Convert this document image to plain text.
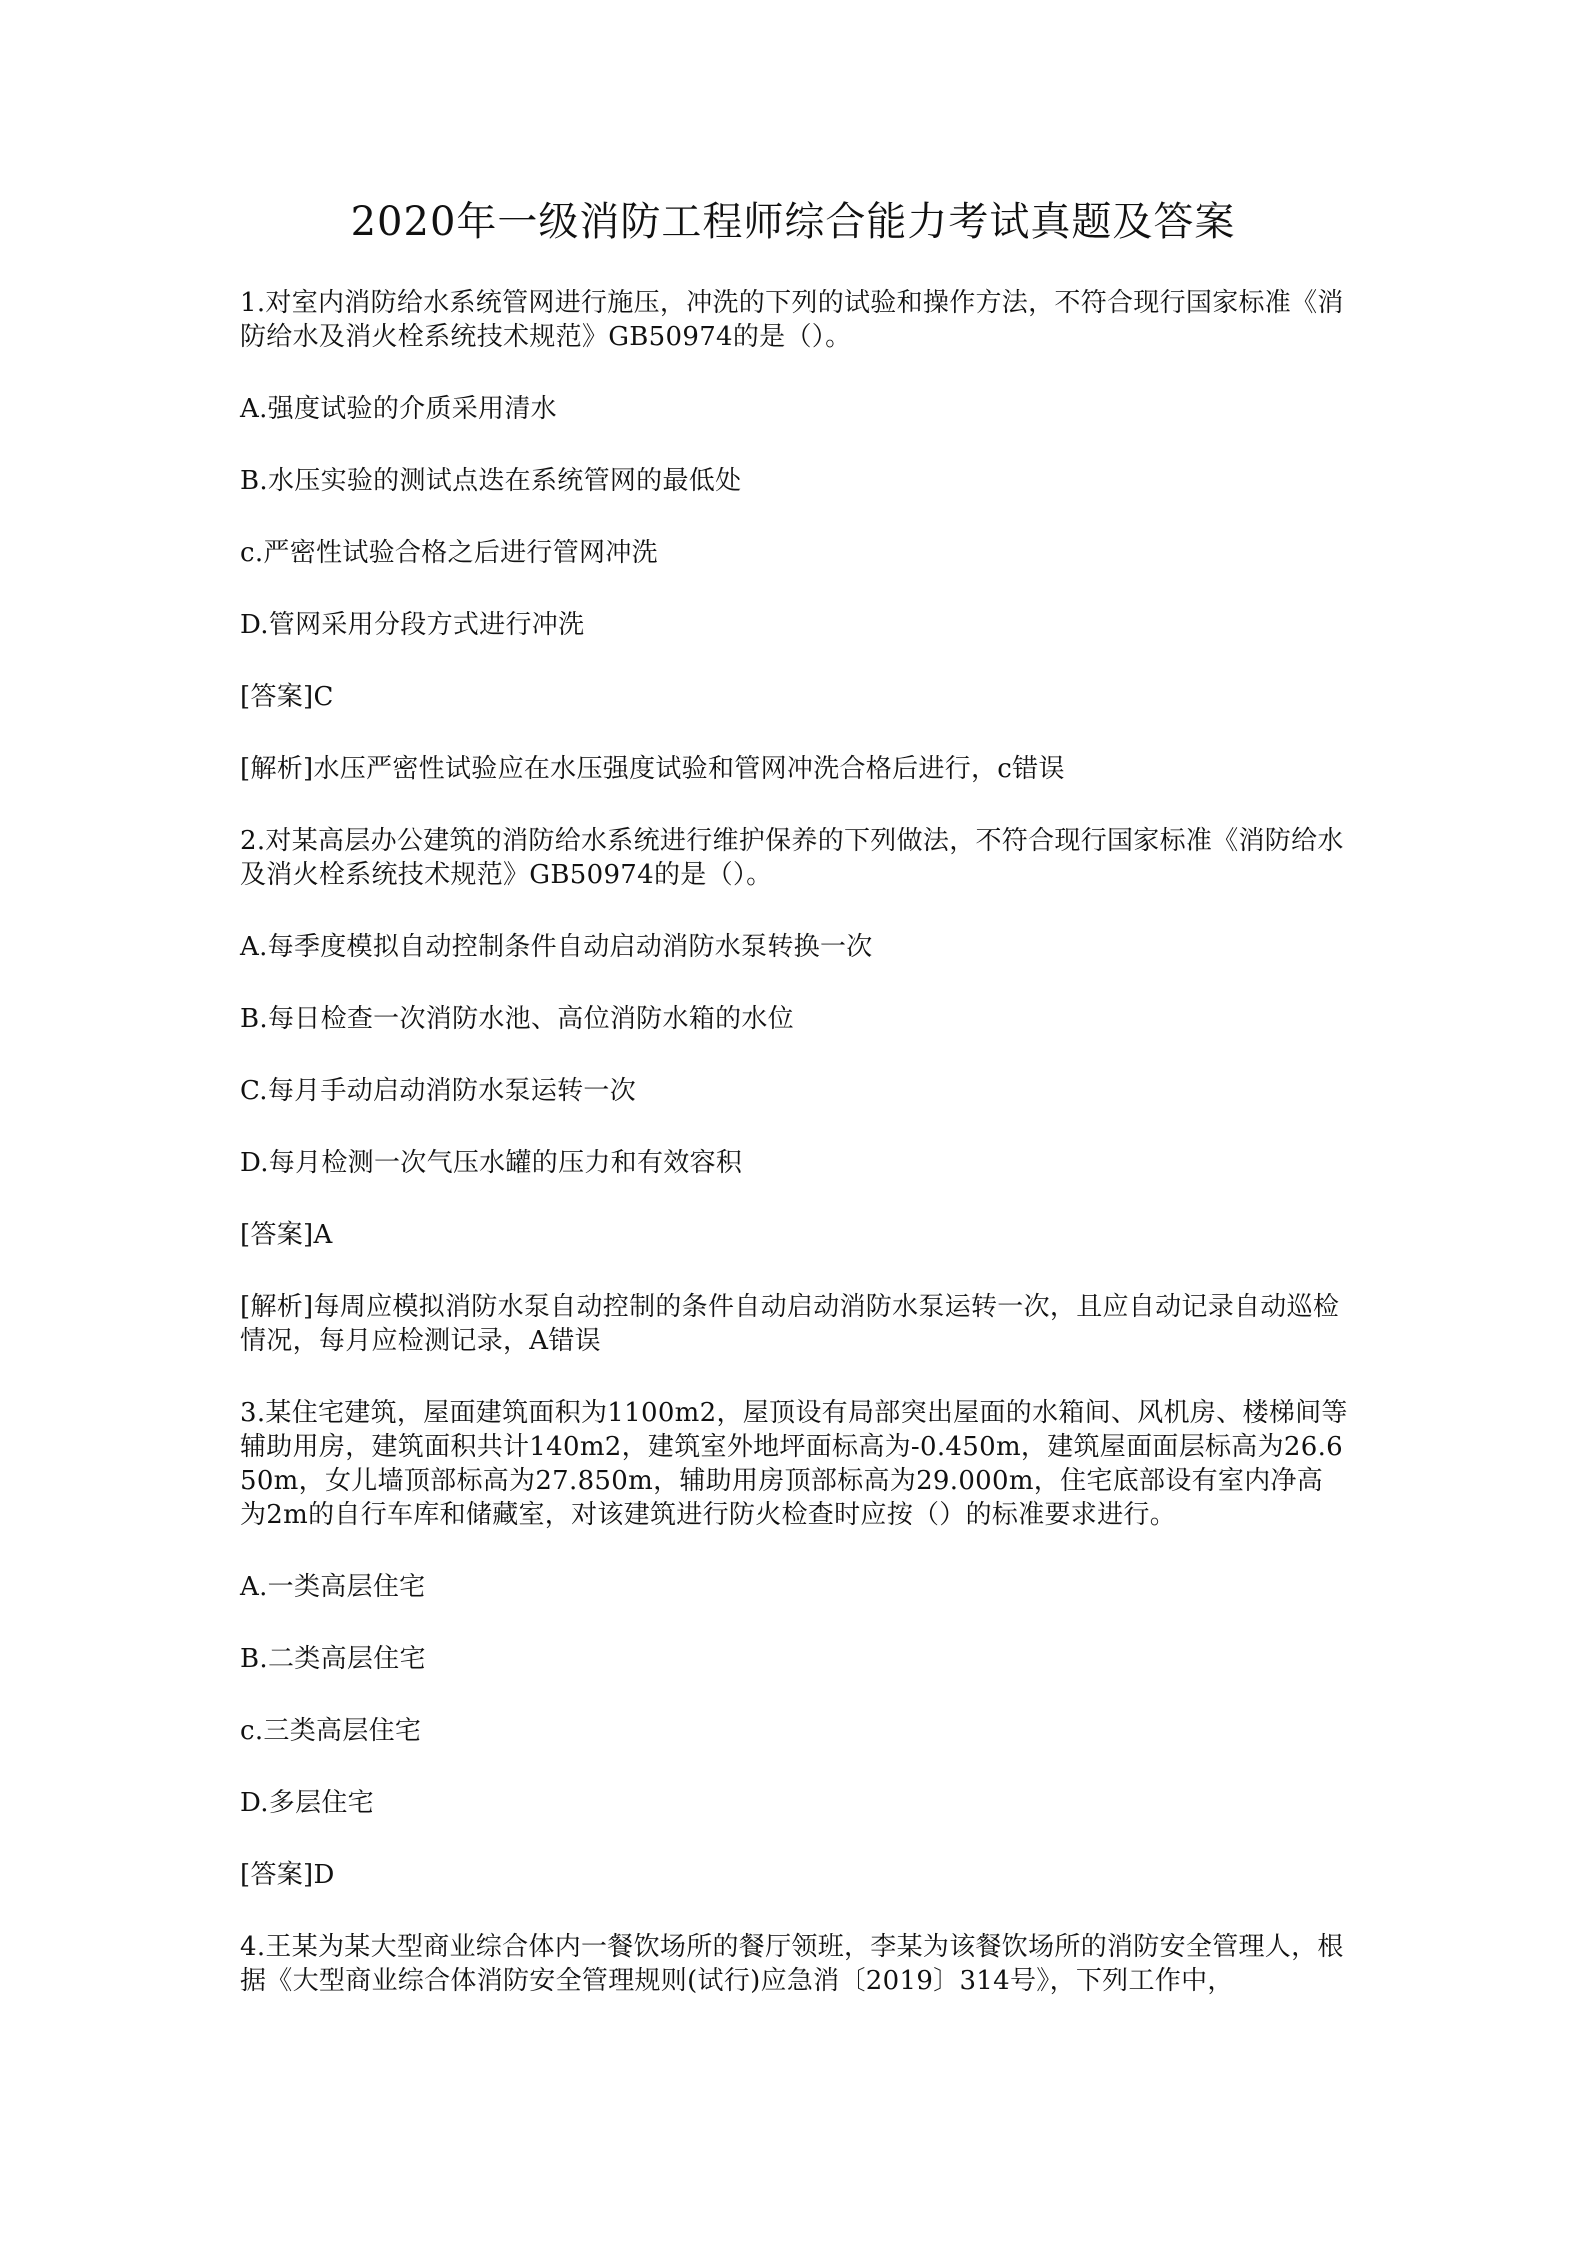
2020年一级消防工程师综合能力考试真题及答案

1.对室内消防给水系统管网进行施压，冲洗的下列的试验和操作方法，不符合现行国家标准《消防给水及消火栓系统技术规范》GB50974的是（）。

A.强度试验的介质采用清水

B.水压实验的测试点迭在系统管网的最低处

c.严密性试验合格之后进行管网冲洗

D.管网采用分段方式进行冲洗

[答案]C

[解析]水压严密性试验应在水压强度试验和管网冲洗合格后进行，c错误

2.对某高层办公建筑的消防给水系统进行维护保养的下列做法，不符合现行国家标准《消防给水及消火栓系统技术规范》GB50974的是（）。

A.每季度模拟自动控制条件自动启动消防水泵转换一次

B.每日检查一次消防水池、高位消防水箱的水位

C.每月手动启动消防水泵运转一次

D.每月检测一次气压水罐的压力和有效容积

[答案]A

[解析]每周应模拟消防水泵自动控制的条件自动启动消防水泵运转一次，且应自动记录自动巡检情况，每月应检测记录，A错误

3.某住宅建筑，屋面建筑面积为1100m2，屋顶设有局部突出屋面的水箱间、风机房、楼梯间等辅助用房，建筑面积共计140m2，建筑室外地坪面标高为-0.450m，建筑屋面面层标高为26.650m，女儿墙顶部标高为27.850m，辅助用房顶部标高为29.000m，住宅底部设有室内净高为2m的自行车库和储藏室，对该建筑进行防火检查时应按（）的标准要求进行。

A.一类高层住宅

B.二类高层住宅

c.三类高层住宅

D.多层住宅

[答案]D

4.王某为某大型商业综合体内一餐饮场所的餐厅领班，李某为该餐饮场所的消防安全管理人，根据《大型商业综合体消防安全管理规则(试行)应急消〔2019〕314号》，下列工作中，
